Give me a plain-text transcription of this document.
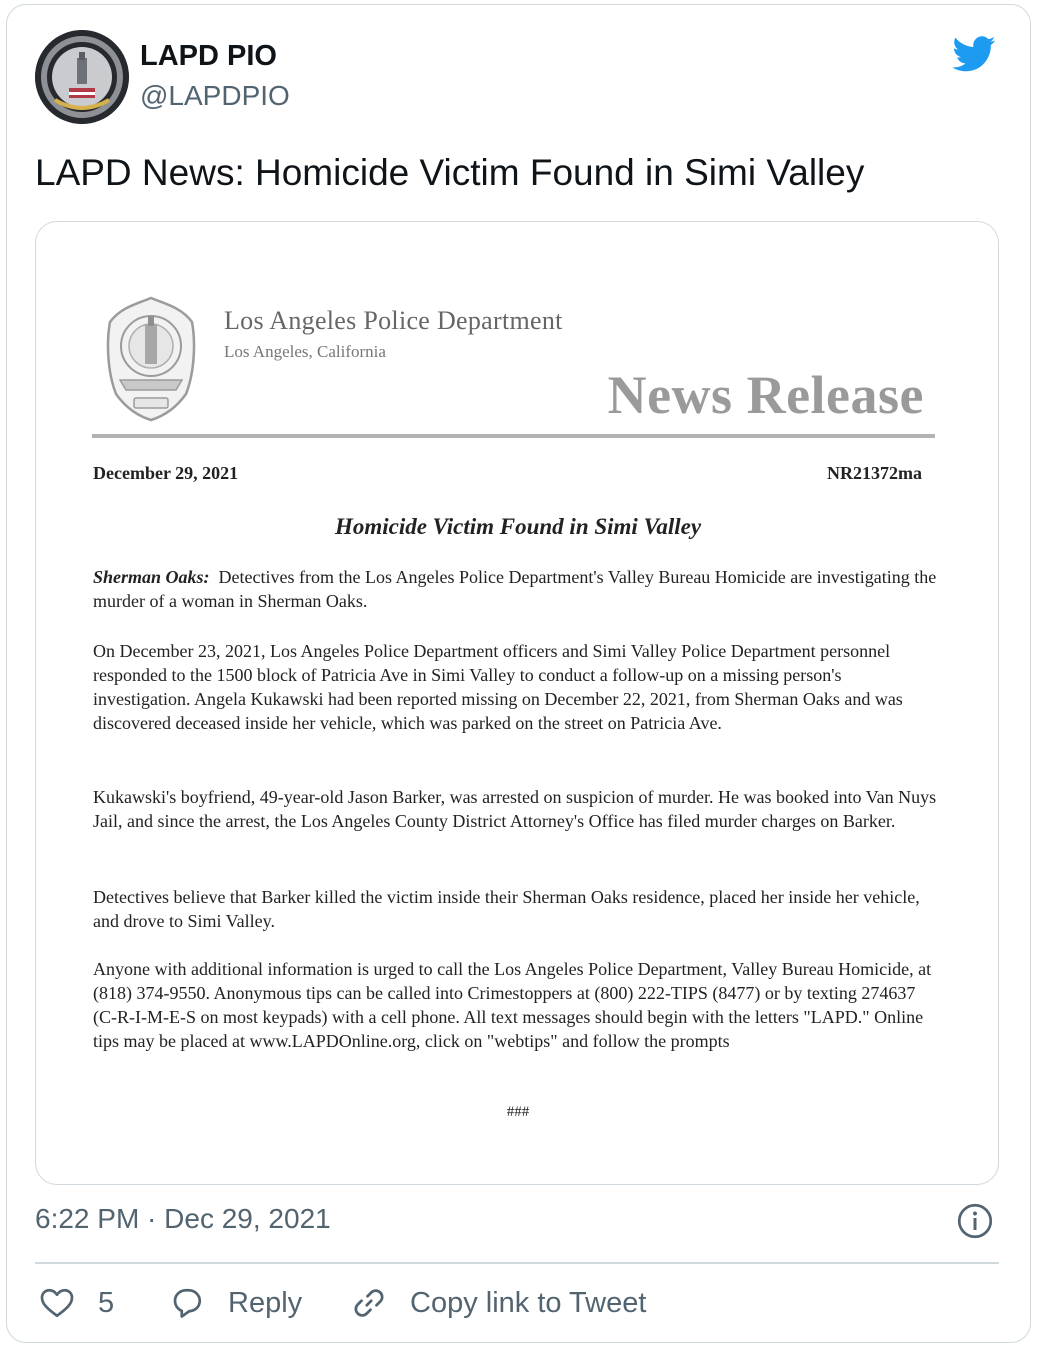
LAPD PIO
@LAPDPIO
LAPD News: Homicide Victim Found in Simi Valley
Los Angeles Police Department
Los Angeles, California
News Release
December 29, 2021	NR21372ma
Homicide Victim Found in Simi Valley
Sherman Oaks: Detectives from the Los Angeles Police Department's Valley Bureau Homicide are investigating the murder of a woman in Sherman Oaks.
On December 23, 2021, Los Angeles Police Department officers and Simi Valley Police Department personnel responded to the 1500 block of Patricia Ave in Simi Valley to conduct a follow-up on a missing person's investigation. Angela Kukawski had been reported missing on December 22, 2021, from Sherman Oaks and was discovered deceased inside her vehicle, which was parked on the street on Patricia Ave.
Kukawski's boyfriend, 49-year-old Jason Barker, was arrested on suspicion of murder. He was booked into Van Nuys Jail, and since the arrest, the Los Angeles County District Attorney's Office has filed murder charges on Barker.
Detectives believe that Barker killed the victim inside their Sherman Oaks residence, placed her inside her vehicle, and drove to Simi Valley.
Anyone with additional information is urged to call the Los Angeles Police Department, Valley Bureau Homicide, at (818) 374-9550. Anonymous tips can be called into Crimestoppers at (800) 222-TIPS (8477) or by texting 274637 (C-R-I-M-E-S on most keypads) with a cell phone. All text messages should begin with the letters "LAPD." Online tips may be placed at www.LAPDOnline.org, click on "webtips" and follow the prompts
###
6:22 PM · Dec 29, 2021
5	Reply	Copy link to Tweet
